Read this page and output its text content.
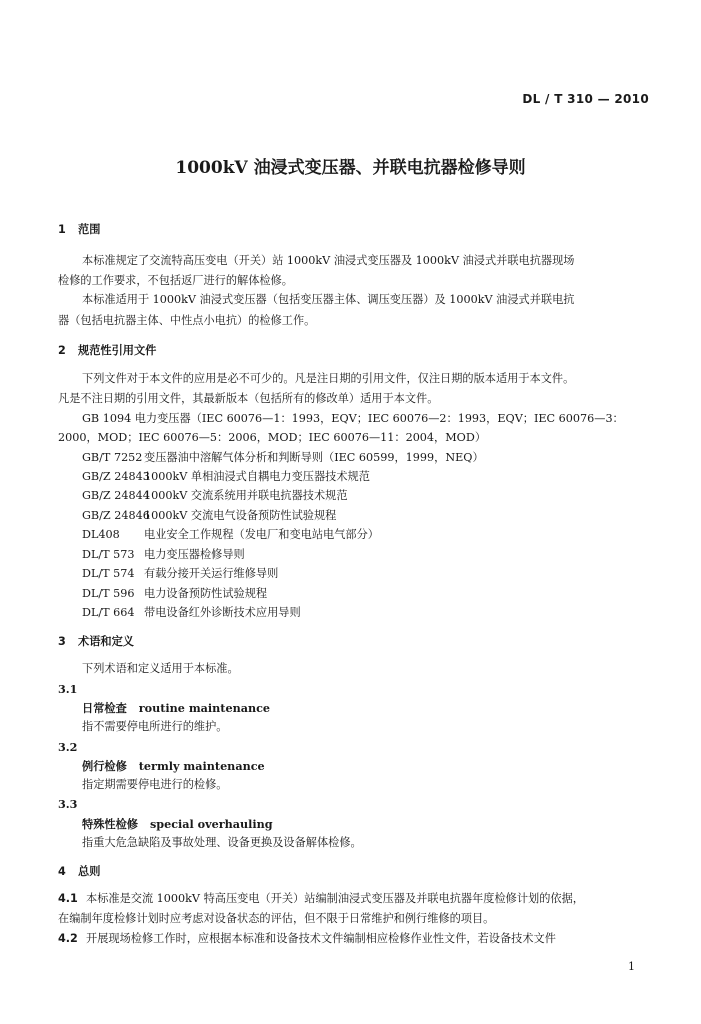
DL / T 310 — 2010
1000kV 油浸式变压器、并联电抗器检修导则
1 范围
本标准规定了交流特高压变电（开关）站 1000kV 油浸式变压器及 1000kV 油浸式并联电抗器现场
检修的工作要求，不包括返厂进行的解体检修。
本标准适用于 1000kV 油浸式变压器（包括变压器主体、调压变压器）及 1000kV 油浸式并联电抗
器（包括电抗器主体、中性点小电抗）的检修工作。
2 规范性引用文件
下列文件对于本文件的应用是必不可少的。凡是注日期的引用文件，仅注日期的版本适用于本文件。
凡是不注日期的引用文件，其最新版本（包括所有的修改单）适用于本文件。
GB 1094 电力变压器（IEC 60076—1：1993，EQV；IEC 60076—2：1993，EQV；IEC 60076—3：
2000，MOD；IEC 60076—5：2006，MOD；IEC 60076—11：2004，MOD）
GB/T 7252 变压器油中溶解气体分析和判断导则（IEC 60599，1999，NEQ）
GB/Z 248431000kV 单相油浸式自耦电力变压器技术规范
GB/Z 248441000kV 交流系统用并联电抗器技术规范
GB/Z 248461000kV 交流电气设备预防性试验规程
DL408 电业安全工作规程（发电厂和变电站电气部分）
DL/T 573 电力变压器检修导则
DL/T 574 有载分接开关运行维修导则
DL/T 596 电力设备预防性试验规程
DL/T 664 带电设备红外诊断技术应用导则
3 术语和定义
下列术语和定义适用于本标准。
3.1
日常检查 routine maintenance
指不需要停电所进行的维护。
3.2
例行检修 termly maintenance
指定期需要停电进行的检修。
3.3
特殊性检修 special overhauling
指重大危急缺陷及事故处理、设备更换及设备解体检修。
4 总则
4.1 本标准是交流 1000kV 特高压变电（开关）站编制油浸式变压器及并联电抗器年度检修计划的依据，
在编制年度检修计划时应考虑对设备状态的评估，但不限于日常维护和例行维修的项目。
4.2 开展现场检修工作时，应根据本标准和设备技术文件编制相应检修作业性文件，若设备技术文件
1
